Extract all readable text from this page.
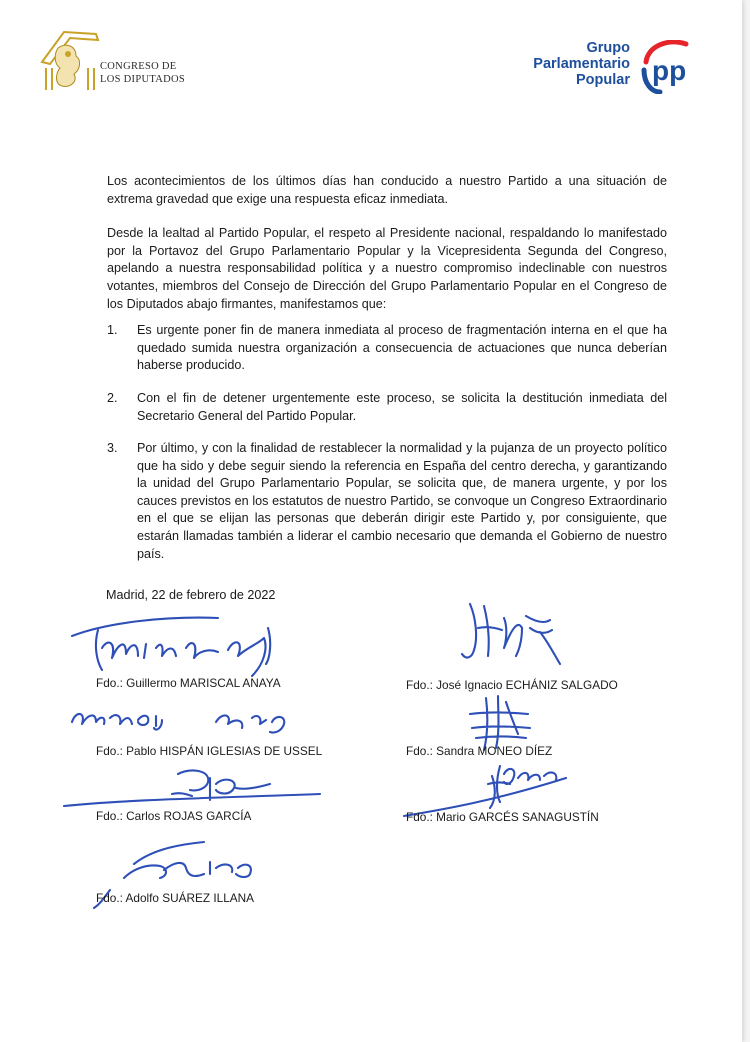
CONGRESO DE
LOS DIPUTADOS
Grupo
Parlamentario
Popular pp

Los acontecimientos de los últimos días han conducido a nuestro Partido a una situación de extrema gravedad que exige una respuesta eficaz inmediata.

Desde la lealtad al Partido Popular, el respeto al Presidente nacional, respaldando lo manifestado por la Portavoz del Grupo Parlamentario Popular y la Vicepresidenta Segunda del Congreso, apelando a nuestra responsabilidad política y a nuestro compromiso indeclinable con nuestros votantes, miembros del Consejo de Dirección del Grupo Parlamentario Popular en el Congreso de los Diputados abajo firmantes, manifestamos que:

1. Es urgente poner fin de manera inmediata al proceso de fragmentación interna en el que ha quedado sumida nuestra organización a consecuencia de actuaciones que nunca deberían haberse producido.
2. Con el fin de detener urgentemente este proceso, se solicita la destitución inmediata del Secretario General del Partido Popular.
3. Por último, y con la finalidad de restablecer la normalidad y la pujanza de un proyecto político que ha sido y debe seguir siendo la referencia en España del centro derecha, y garantizando la unidad del Grupo Parlamentario Popular, se solicita que, de manera urgente, y por los cauces previstos en los estatutos de nuestro Partido, se convoque un Congreso Extraordinario en el que se elijan las personas que deberán dirigir este Partido y, por consiguiente, que estarán llamadas también a liderar el cambio necesario que demanda el Gobierno de nuestro país.
Madrid, 22 de febrero de 2022
Fdo.: Guillermo MARISCAL ANAYA
Fdo.: Pablo HISPÁN IGLESIAS DE USSEL
Fdo.: Carlos ROJAS GARCÍA
Fdo.: Adolfo SUÁREZ ILLANA
Fdo.: José Ignacio ECHÁNIZ SALGADO
Fdo.: Sandra MONEO DÍEZ
Fdo.: Mario GARCÉS SANAGUSTÍN
